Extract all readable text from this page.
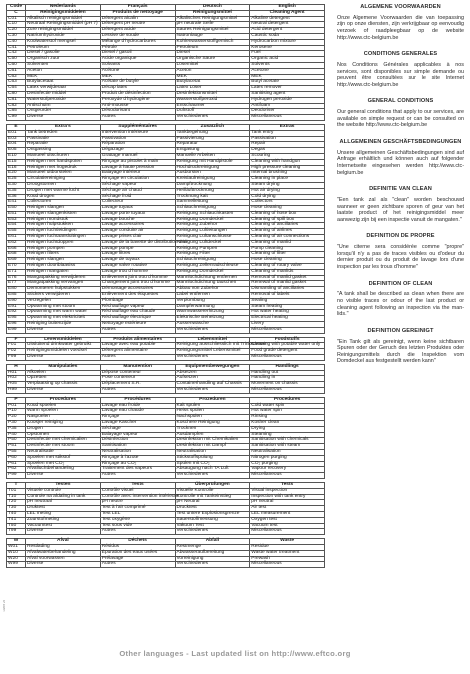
HW.8 v6
Code	Nederlands	Français	Deutsch	English
C	Reinigingsmiddelen	Produits de nettoyage	Reinigungsmittel	Cleaning Agent
C01	Alkalisch reinigingsmiddel	Détergent alcalin	Alkalisches Reinigungsmittel	Alkaline detergent
C10	Neutraal Reinigingsmiddel (pH 7)	Détergent pH neutre	pH neutrale Seife	Neutral detergent
C20	Zure reinigingsmiddel	Détergent acide	Saures Reinigungsmittel	Acid detergent
C30	Natriumhydroxide	Lessive de soude	Natronlauge	Caustic soda
C40	Koolwaterstof mengsel	Mélange d'hydrocarbures	Kohlenwasserstoffgemisch	Hydrocarbon mixture
C41	Petroleum	Pétrole	Petroleum	Kerosene
C42	Diesel / gasolie	Diesel / gasoil	Diesel	Fuel
C50	Organisch zuur	Acide organique	Organische Säure	Organic acid
C60	Solventen	Solvants	Lösemittel	Solvents
C61	Aceton	Acétone	Aceton	Acetone
C62	MEK	MEK	MEK	MEK
C63	Butylacetaat	Acétate de butyle	Butylacetat	Butyl acetate
C64	Latex verwijderaar	Décap latex	Latex Löser	Latex remover
C80	Desinfectie middel	Produit de désinfection	Desinfektionsmittel	Sanitising agent
C81	Waterstofperoxide	Peroxyde d'hydrogène	Wasserstoffperoxid	Hydrogen peroxide
C82	Antischuim	Anti-mousse	Entschäumer	Antifoam
C85	Ontgeurder	Désodorisant	Duftstoff	Deodoriser
C99	Diverse	Autres	Verschiedenes	Miscellaneous

E	Extra's	Suppléméntaires	Zusätzlich	Extras
E01	Tank betreden	Intervention intérieure	Tankbegehung	Tank entry
E03	Passivatie	Passivation	Passivierung	Passivation
E04	Reparatie	Réparation	Reparatur	Repair
E05	Ontgassing	Dégazage	Entgasung	Degas
E10	Manueel uitschuren	Grattage manuel	Manuelle Arbeiten	Scouring
E15	Reinigen met handspoten	Rinçage au pistolet à main	Reinigung mit Handpistole	Cleaning with handgun
E16	Reinigen met hogedruk	Lavage à haute pression	Hochdruckreinigung	High pressure cleaning
E20	Manueel uitborstelen	Balayage intérieur	Ausbürsten	Internal brushing
E25	Circulatiereiniging	Rinçage en circulation	Kreislaufreinigung	Cleaning in place
E30	Droogstomen	Séchage vapeur	Dampftrocknung	Steam drying
E35	Drogen met warme lucht	Séchage air chaud	Heißlufttrocknung	Hot air drying
E36	Koud drogen	Séchage froid	Trocknung kalt	Cold drying
E41	Collectoren	Collecteur	Sammelleitung	Collectors
E50	Reinigen slangen	Lavage tuyaux	Schlauchreinigung	Hose cleaning
E51	Reinigen slangenkisten	Lavage porte tuyaux	Reinigung Schlauchkasten	Cleaning of hose box
E53	Reinigen mondstuk	Lavage bouche	Reinigung Domdeckel	Cleaning of spill box
E54	Reinigen hulpstukken	Lavage accessoires	Reinigung Zubehör	Cleaning of ancillaries
E55	Reinigen luchtleidingen	Lavage conduite air	Reinigung Luftleitungen	Cleaning of airlines
E61	Reinigen luchtaansluitingen	Lavage prises d'air	Reinigung Luftanschlüsse	Cleaning of air connections
E62	Reinigen luchtdoppen	Lavage de la bavette de distribution d'air	Reinigung Luftdeckel	Cleaning of manlid
E66	Reinigen pompen	Lavage pompe	Reinigung Pumpen	Pump cleaning
E68	Reinigen filters	Lavage filtres	Reinigung Filter	Cleaning of filter
E69	Reinigen slangen	Lavage de tuyaux	Schlauchreinigung	Hose cleaning
E70	Reinigen dooriblaasiss	Lavage valve rotative	Reinigung Zellenradschleuse	Cleaning of rotary valve
E71	Reinigen mangaten	Lavage trou d'homme	Reinigung Domdeckel	Cleaning of manlids
E76	Mangatpakking verwijderen	Enlèvement joint trou d'homme	Mannlochdichtung entfernen	Removal of manlid gasket
E77	Mangatpakking vervangen	Changement joint trou d'homme	Mannlochdichtung tauschen	Renewal of manlid gasket
E80	Demonteren hulpstukken	Démontage accessoires	Abbau von Zubehör	Dismantling of ancillaries
E85	Stickers verwijderen	Enlèvement des étiquettes	Label entfernen	Removal of labels
E90	Verzegelen	Plombage	Verplombung	Sealing
E91	Opwarming met stoom	Réchauffage vapeur	Dampferwärmung	Steam heating
E92	Opwarming met warm water	Réchauffage eau chaude	Warmwassererhitzung	Hot water heating
E95	Opwarming met elektriciteit	Réchauffage électrique	Elektrische Beheizung	Electrical heating
E96	Reiniging buitenzijde	Nettoyage extérieure	Aussenwäsche	Livery
E99	Diverse	Autres	Verschiedenes	Miscellaneous

F	Levensmiddelen	Produits alimentaires	Lebensmittel	Foodstuffs
F01	Uitsluitend drinkwater gebruikt	Lavage avec eau potable	Reinigung ausschliesslich mit Trinkwasser	Cleaning with potable water only
F02	Reinigingsmiddelen voedsel	Détergent alimentaire	Reinigungsmittel Lebensmittel	Food grade detergent
F99	Diverse	Autres	Verschiedenes	Miscellaneous

H	Manipulaties	Manutention	Equipmentbewegungen	Handlings
H01	Afkoelen	Dépose conteneur	Absetzen	Handling out
H02	Opzetten	Pose conteneur	Aufsetzen	Handling in
H05	Verplaatsing op chassis	Déplacement S.R.	Containerhandling auf Chassis	Movement on chassis
H99	Diverse	Autres	Verschiedenes	Miscellaneous

P	Procedures	Procédures	Prozeduren	Procedures
P01	Koud spoelen	Lavage eau froide	Kalt spülen	Cold water spin
P10	Warm spoelen	Lavage eau chaude	Heiss spülen	Hot water spin
P20	Naspoelen	Rinçage	Nachspülen	Rinsing
P30	Koosjer reiniging	Lavage Kascher	Koschere Reinigung	Kosher clean
P35	Drogen	Séchage	Trocknen	Drying
P40	Opstomen	Balayage vapeur	Ausdampfen	Steaming
P50	Desinfectie met chemicaliën	Désinfection	Desinfektion mit Chemikalien	Sanitisation with chemicals
P51	Desinfectie met stoom	Sanitisation	Desinfektion mit Dampf	Sanitisation with steam
P55	Neutralisatie	Neutralisation	Neutralisation	Neutralisation
P60	Spoelen met stikstof	Rinçage à l'azote	Stickstoffspülung	Nitrogen purging
P61	Spoelen met CO₂	Rinçage au CO₂	Spülen mit CO₂	CO₂ purging
P62	Afvalluchtbehandeling	Traitement des vapeurs	Absaugung nach TA Luft	Vapour recovery
P99	Diverse	Autres	Verschiedenes	Miscellaneous

T	Testen	Tests	Überprüfungen	Tests
T01	Visuele controle	Contrôle visuel	Visuelle Kontrolle	Visual inspection
T10	Controle na afdaling in tank	Contrôle avec intervention intérieure	Kontrolle mit Tankeinstieg	Inspection with tank entry
T20	pH neutraal	pH neutre	pH Neutral	pH neutral
T30	Druktest	Test à l'air comprimé	Drucktest	Air test
T40	LEL meting	Test LEL	Test untere Explosionsgrenze	LEL measurement
T41	Zuurstofmeting	Test oxygène	Sauerstoffmessung	Oxygen test
T50	Vacuumtest	Test sous vide	Vakuum Test	Vacuum test
T99	Diverse	Autres	Verschiedenes	Miscellaneous

W	Afval	Déchets	Abfall	Waste
W01	Restlading	Résidus	Restmenge	Residue
W10	Afvalwaterbehandeling	Épuration des eaux usées	Abwasseraufbereitung	Waste water treatment
W20	Afval voorwassen	Prélavage	Vorreinigung	Prewash
W99	Diverse	Autres	Verschiedenes	Miscellaneous
ALGEMENE VOORWAARDEN

Onze Algemene Voorwaarden die van toepassing zijn op onze diensten, zijn verkrijgbaar op eenvoudig verzoek of raadpleegbaar op de website http://www.ctc-belgium.be

CONDITIONS GENERALES

Nos Conditions Générales applicables à nos services, sont disponibles sur simple demande ou peuvent être consultées sur le site Internet http://www.ctc-belgium.be

GENERAL CONDITIONS

Our general conditions that apply to our services, are available on simple request or can be consulted on the website http://www.ctc-belgium.be

ALLGEMEINEN GESCHÄFTSBEDINGUNGEN

Unsere allgemeinen Geschäftsbedingungen sind auf Anfrage erhältlich und können auch auf folgender Internetseite eingesehen werden http://www.ctc-belgium.be

DEFINITIE VAN CLEAN

"Een tank zal als "clean" worden beschouwd wanneer er geen zichtbare sporen of geur van het laatste product of het reinigingsmiddel meer aanwezig zijn bij een inspectie vanuit de mangaten."

DEFINITION DE PROPRE

"Une citerne sera considérée comme "propre" lorsqu'il n'y a pas de traces visibles ou d'odeur du dernier produit ou du produit de lavage lors d'une inspection par les trous d'homme"

DEFINITION OF CLEAN

"A tank shall be described as clean when there are no visible traces or odour of the last product or cleaning agent following an inspection via the man-lids."

DEFINITION GEREINIGT

"Ein Tank gilt als gereinigt, wenn keine sichtbaren Spuren oder der Geruch des letzten Produktes oder Reinigungsmittels durch die Inspektion vom Domdeckel aus festgestellt werden kann"

Other languages - Last updated list on http://www.eftco.org
